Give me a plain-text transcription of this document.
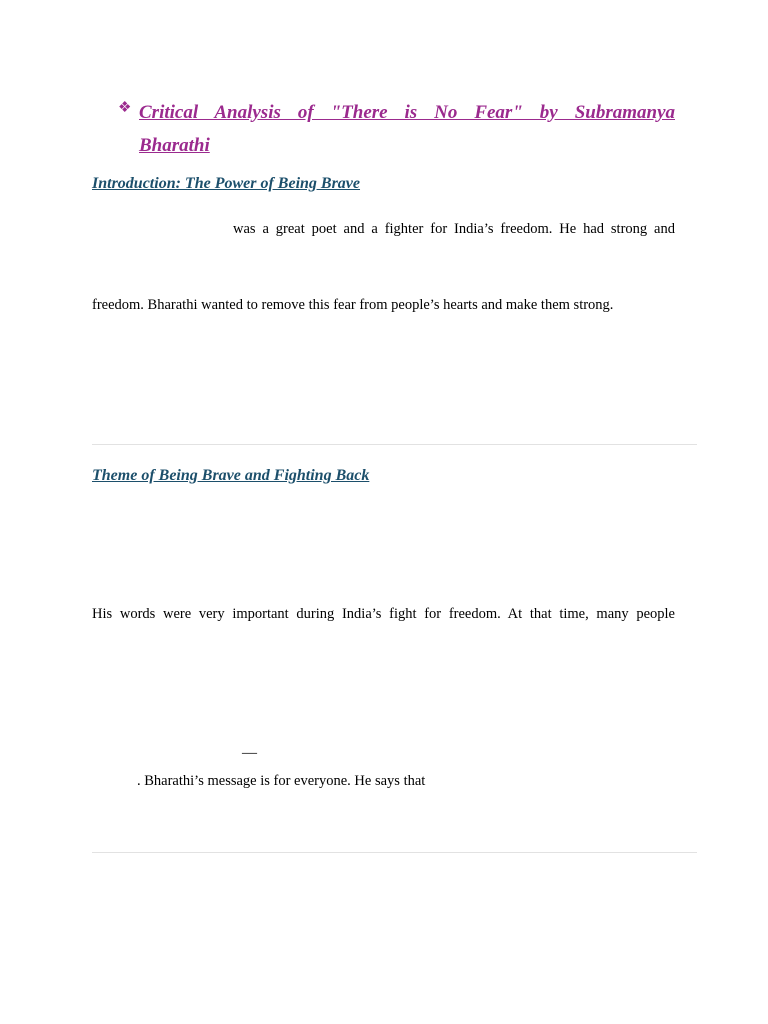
❖ Critical Analysis of "There is No Fear" by Subramanya
Bharathi
Introduction: The Power of Being Brave
was a great poet and a fighter for India’s freedom. He had strong and
freedom. Bharathi wanted to remove this fear from people’s hearts and make them strong.
Theme of Being Brave and Fighting Back
His words were very important during India’s fight for freedom. At that time, many people
—
. Bharathi’s message is for everyone. He says that
